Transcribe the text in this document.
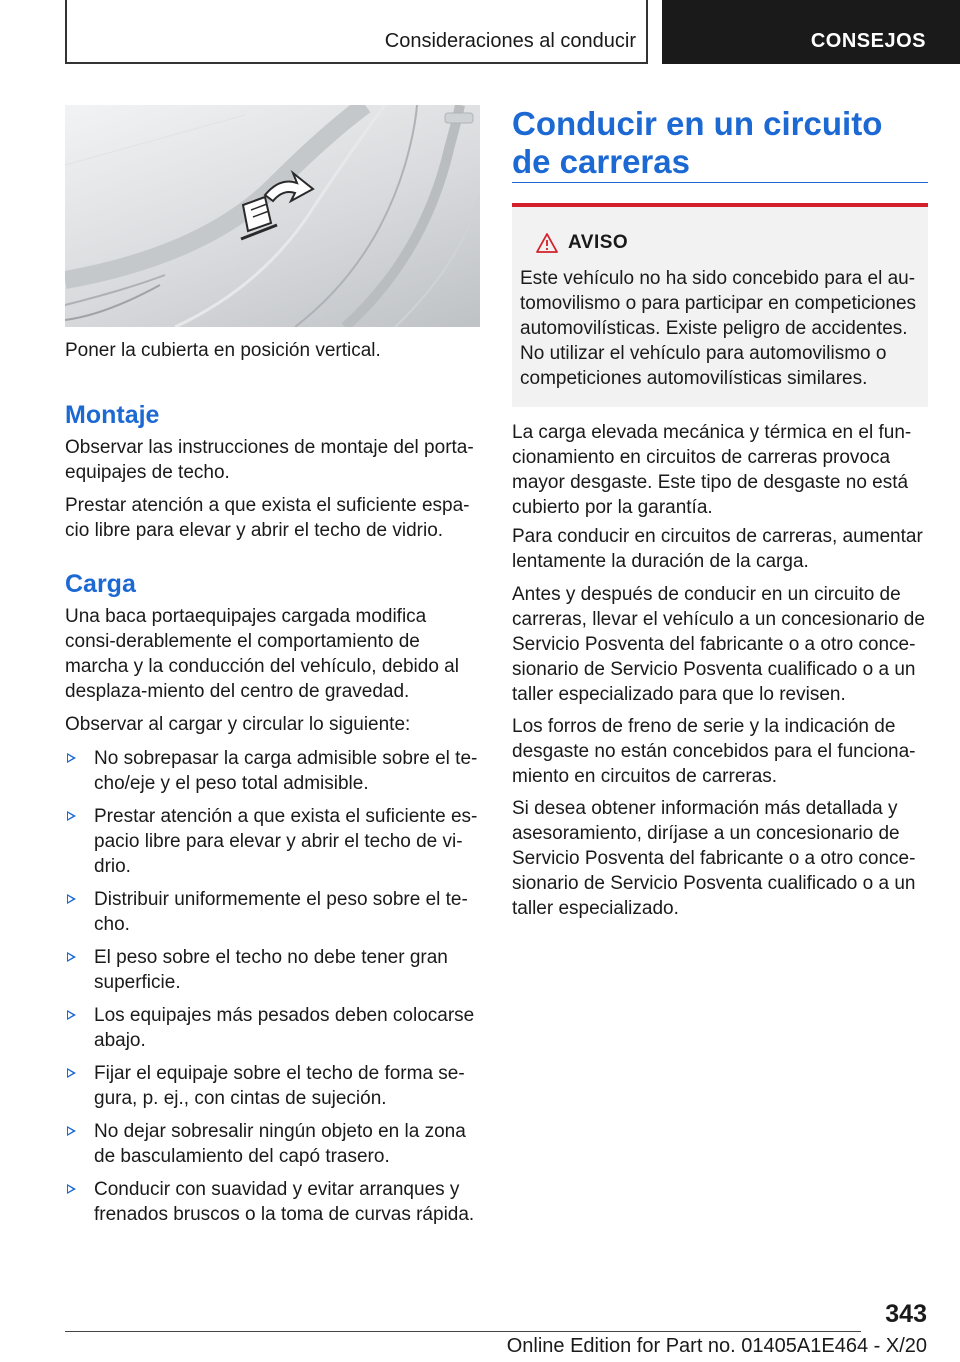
Consideraciones al conducir	CONSEJOS

Poner la cubierta en posición vertical.

Montaje

Observar las instrucciones de montaje del porta‐equipajes de techo.

Prestar atención a que exista el suficiente espa‐cio libre para elevar y abrir el techo de vidrio.

Carga

Una baca portaequipajes cargada modifica consi‐derablemente el comportamiento de marcha y la conducción del vehículo, debido al desplaza‐miento del centro de gravedad.

Observar al cargar y circular lo siguiente:

No sobrepasar la carga admisible sobre el te‐cho/eje y el peso total admisible.
Prestar atención a que exista el suficiente es‐pacio libre para elevar y abrir el techo de vi‐drio.
Distribuir uniformemente el peso sobre el te‐cho.
El peso sobre el techo no debe tener gran superficie.
Los equipajes más pesados deben colocarse abajo.
Fijar el equipaje sobre el techo de forma se‐gura, p. ej., con cintas de sujeción.
No dejar sobresalir ningún objeto en la zona de basculamiento del capó trasero.
Conducir con suavidad y evitar arranques y frenados bruscos o la toma de curvas rápida.
Conducir en un circuito de carreras
AVISO

Este vehículo no ha sido concebido para el au‐tomovilismo o para participar en competiciones automovilísticas. Existe peligro de accidentes. No utilizar el vehículo para automovilismo o competiciones automovilísticas similares.

La carga elevada mecánica y térmica en el fun‐cionamiento en circuitos de carreras provoca mayor desgaste. Este tipo de desgaste no está cubierto por la garantía.

Para conducir en circuitos de carreras, aumentar lentamente la duración de la carga.

Antes y después de conducir en un circuito de carreras, llevar el vehículo a un concesionario de Servicio Posventa del fabricante o a otro conce‐sionario de Servicio Posventa cualificado o a un taller especializado para que lo revisen.

Los forros de freno de serie y la indicación de desgaste no están concebidos para el funciona‐miento en circuitos de carreras.

Si desea obtener información más detallada y asesoramiento, diríjase a un concesionario de Servicio Posventa del fabricante o a otro conce‐sionario de Servicio Posventa cualificado o a un taller especializado.

343
Online Edition for Part no. 01405A1E464 - X/20
